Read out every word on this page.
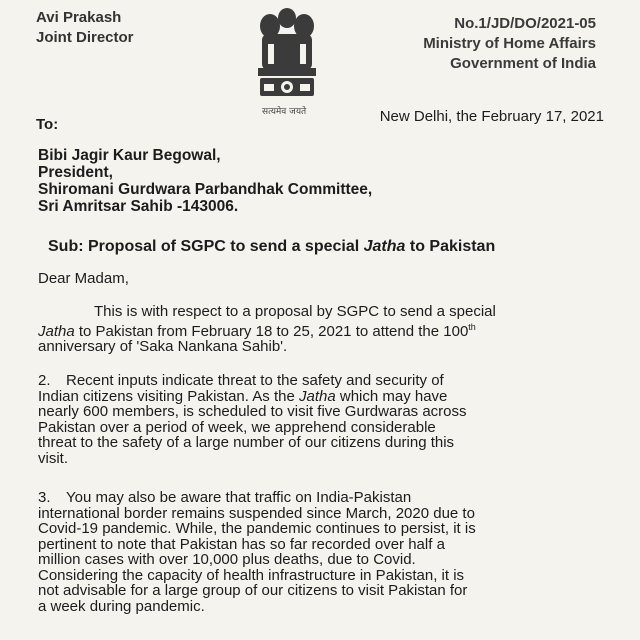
Avi Prakash
Joint Director
सत्यमेव जयते
No.1/JD/DO/2021-05
Ministry of Home Affairs
Government of India
New Delhi, the February 17, 2021
To:
Bibi Jagir Kaur Begowal,
President,
Shiromani Gurdwara Parbandhak Committee,
Sri Amritsar Sahib -143006.
Sub: Proposal of SGPC to send a special Jatha to Pakistan
Dear Madam,
This is with respect to a proposal by SGPC to send a special
Jatha to Pakistan from February 18 to 25, 2021 to attend the 100th
anniversary of 'Saka Nankana Sahib'.
2. Recent inputs indicate threat to the safety and security of
Indian citizens visiting Pakistan. As the Jatha which may have
nearly 600 members, is scheduled to visit five Gurdwaras across
Pakistan over a period of week, we apprehend considerable
threat to the safety of a large number of our citizens during this
visit.
3. You may also be aware that traffic on India-Pakistan
international border remains suspended since March, 2020 due to
Covid-19 pandemic. While, the pandemic continues to persist, it is
pertinent to note that Pakistan has so far recorded over half a
million cases with over 10,000 plus deaths, due to Covid.
Considering the capacity of health infrastructure in Pakistan, it is
not advisable for a large group of our citizens to visit Pakistan for
a week during pandemic.
